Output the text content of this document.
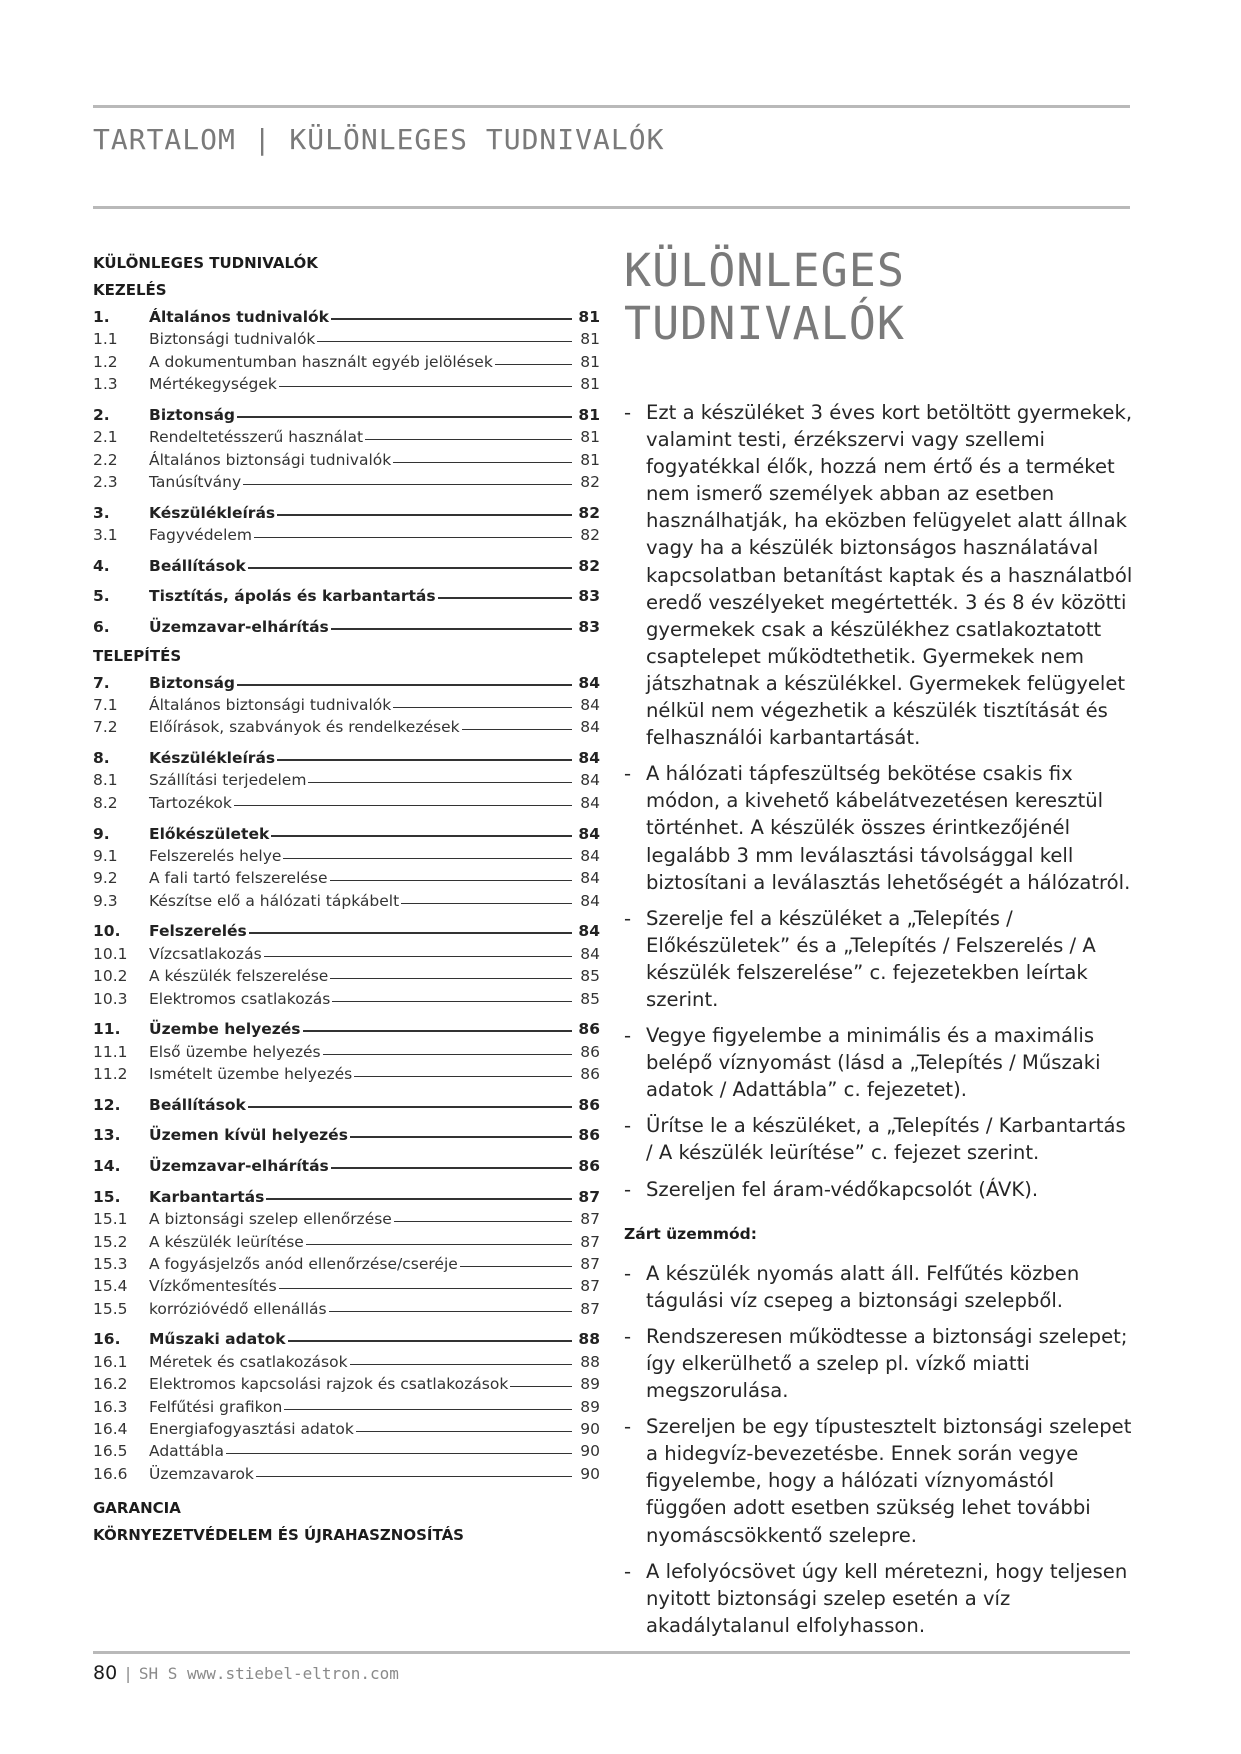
TARTALOM | KÜLÖNLEGES TUDNIVALÓK
KÜLÖNLEGES TUDNIVALÓK
KEZELÉS
1.	Általános tudnivalók	81
1.1	Biztonsági tudnivalók	81
1.2	A dokumentumban használt egyéb jelölések	81
1.3	Mértékegységek	81
2.	Biztonság	81
2.1	Rendeltetésszerű használat	81
2.2	Általános biztonsági tudnivalók	81
2.3	Tanúsítvány	82
3.	Készülékleírás	82
3.1	Fagyvédelem	82
4.	Beállítások	82
5.	Tisztítás, ápolás és karbantartás	83
6.	Üzemzavar-elhárítás	83
TELEPÍTÉS
7.	Biztonság	84
7.1	Általános biztonsági tudnivalók	84
7.2	Előírások, szabványok és rendelkezések	84
8.	Készülékleírás	84
8.1	Szállítási terjedelem	84
8.2	Tartozékok	84
9.	Előkészületek	84
9.1	Felszerelés helye	84
9.2	A fali tartó felszerelése	84
9.3	Készítse elő a hálózati tápkábelt	84
10.	Felszerelés	84
10.1	Vízcsatlakozás	84
10.2	A készülék felszerelése	85
10.3	Elektromos csatlakozás	85
11.	Üzembe helyezés	86
11.1	Első üzembe helyezés	86
11.2	Ismételt üzembe helyezés	86
12.	Beállítások	86
13.	Üzemen kívül helyezés	86
14.	Üzemzavar-elhárítás	86
15.	Karbantartás	87
15.1	A biztonsági szelep ellenőrzése	87
15.2	A készülék leürítése	87
15.3	A fogyásjelzős anód ellenőrzése/cseréje	87
15.4	Vízkőmentesítés	87
15.5	korrózióvédő ellenállás	87
16.	Műszaki adatok	88
16.1	Méretek és csatlakozások	88
16.2	Elektromos kapcsolási rajzok és csatlakozások	89
16.3	Felfűtési grafikon	89
16.4	Energiafogyasztási adatok	90
16.5	Adattábla	90
16.6	Üzemzavarok	90
GARANCIA
KÖRNYEZETVÉDELEM ÉS ÚJRAHASZNOSÍTÁS
KÜLÖNLEGES
TUDNIVALÓK
- Ezt a készüléket 3 éves kort betöltött gyermekek, valamint testi, érzékszervi vagy szellemi fogyatékkal élők, hozzá nem értő és a terméket nem ismerő személyek abban az esetben használhatják, ha eközben felügyelet alatt állnak vagy ha a készülék biztonságos használatával kapcsolatban betanítást kaptak és a használatból eredő veszélyeket megértették. 3 és 8 év közötti gyermekek csak a készülékhez csatlakoztatott csaptelepet működtethetik. Gyermekek nem játszhatnak a készülékkel. Gyermekek felügyelet nélkül nem végezhetik a készülék tisztítását és felhasználói karbantartását.
- A hálózati tápfeszültség bekötése csakis fix módon, a kivehető kábelátvezetésen keresztül történhet. A készülék összes érintkezőjénél legalább 3 mm leválasztási távolsággal kell biztosítani a leválasztás lehetőségét a hálózatról.
- Szerelje fel a készüléket a „Telepítés / Előkészületek” és a „Telepítés / Felszerelés / A készülék felszerelése” c. fejezetekben leírtak szerint.
- Vegye figyelembe a minimális és a maximális belépő víznyomást (lásd a „Telepítés / Műszaki adatok / Adattábla” c. fejezetet).
- Ürítse le a készüléket, a „Telepítés / Karbantartás / A készülék leürítése” c. fejezet szerint.
- Szereljen fel áram-védőkapcsolót (ÁVK).
Zárt üzemmód:
- A készülék nyomás alatt áll. Felfűtés közben tágulási víz csepeg a biztonsági szelepből.
- Rendszeresen működtesse a biztonsági szelepet; így elkerülhető a szelep pl. vízkő miatti megszorulása.
- Szereljen be egy típustesztelt biztonsági szelepet a hidegvíz-bevezetésbe. Ennek során vegye figyelembe, hogy a hálózati víznyomástól függően adott esetben szükség lehet további nyomáscsökkentő szelepre.
- A lefolyócsövet úgy kell méretezni, hogy teljesen nyitott biztonsági szelep esetén a víz akadálytalanul elfolyhasson.
80 | SH S www.stiebel-eltron.com
